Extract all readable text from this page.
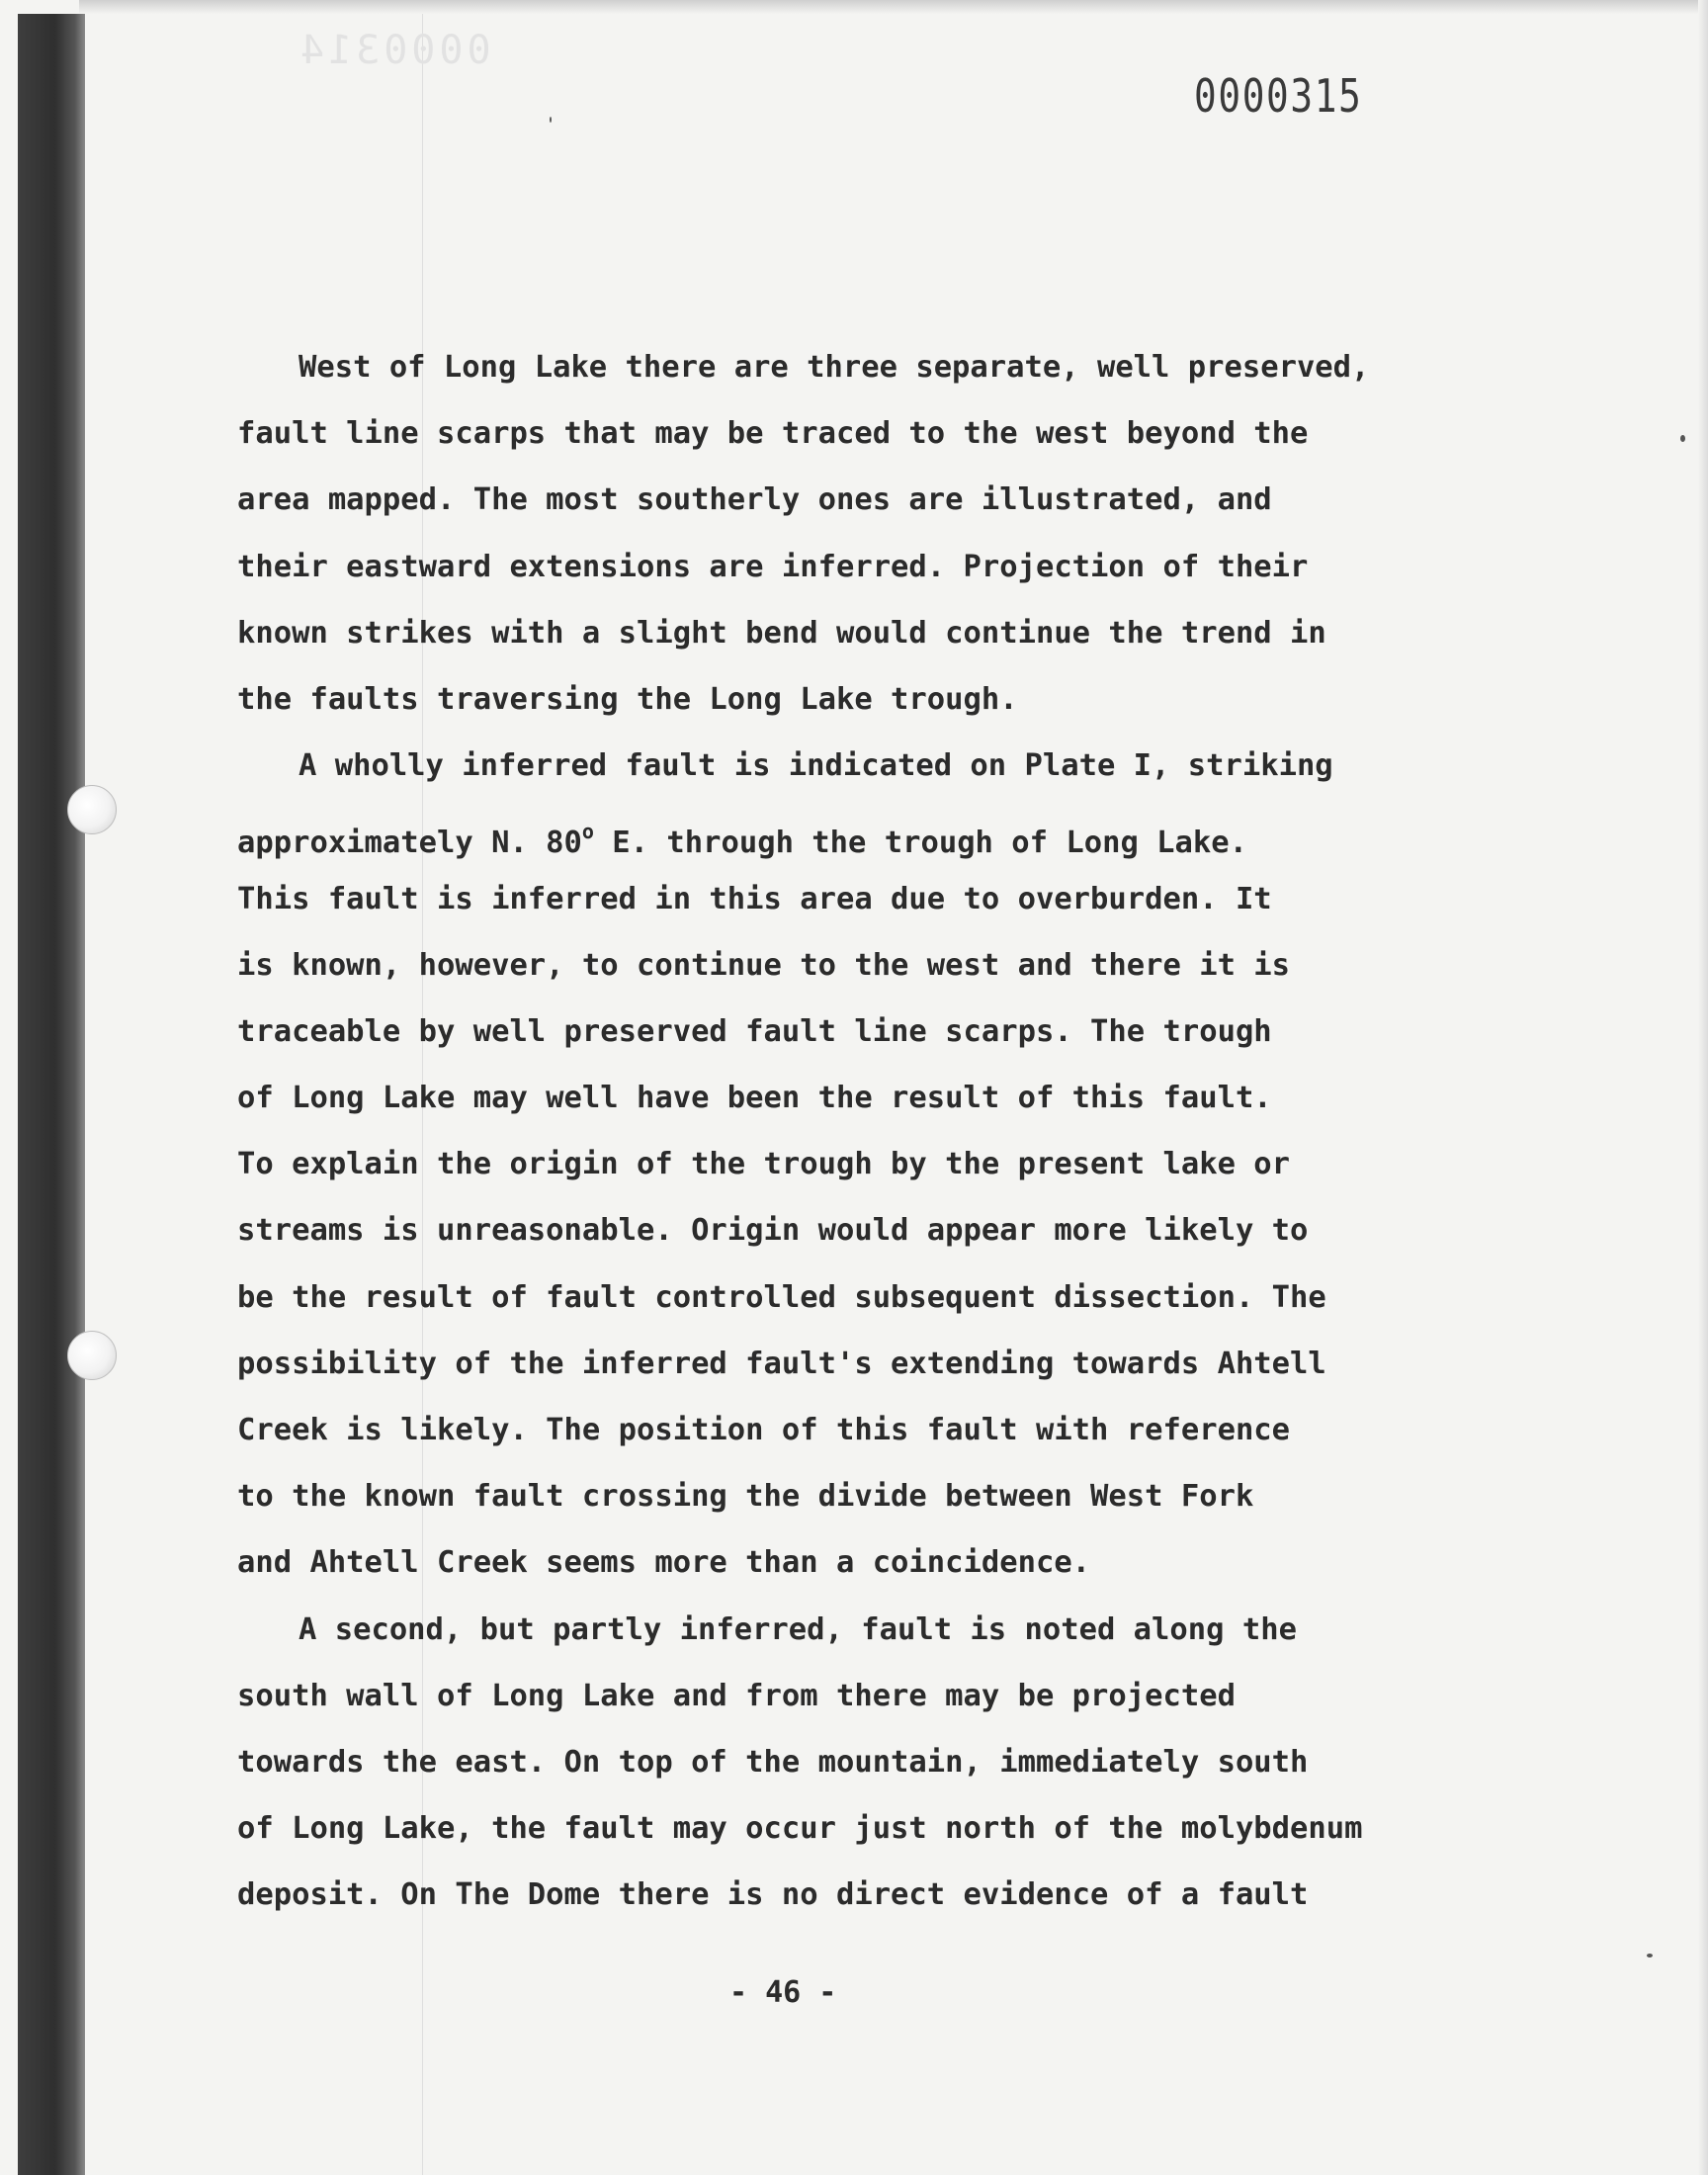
0000314
0000315
West of Long Lake there are three separate, well preserved,
fault line scarps that may be traced to the west beyond the
area mapped. The most southerly ones are illustrated, and
their eastward extensions are inferred. Projection of their
known strikes with a slight bend would continue the trend in
the faults traversing the Long Lake trough.
A wholly inferred fault is indicated on Plate I, striking
approximately N. 80$^o$ E. through the trough of Long Lake.
This fault is inferred in this area due to overburden. It
is known, however, to continue to the west and there it is
traceable by well preserved fault line scarps. The trough
of Long Lake may well have been the result of this fault.
To explain the origin of the trough by the present lake or
streams is unreasonable. Origin would appear more likely to
be the result of fault controlled subsequent dissection. The
possibility of the inferred fault's extending towards Ahtell
Creek is likely. The position of this fault with reference
to the known fault crossing the divide between West Fork
and Ahtell Creek seems more than a coincidence.
A second, but partly inferred, fault is noted along the
south wall of Long Lake and from there may be projected
towards the east. On top of the mountain, immediately south
of Long Lake, the fault may occur just north of the molybdenum
deposit. On The Dome there is no direct evidence of a fault
- 46 -
